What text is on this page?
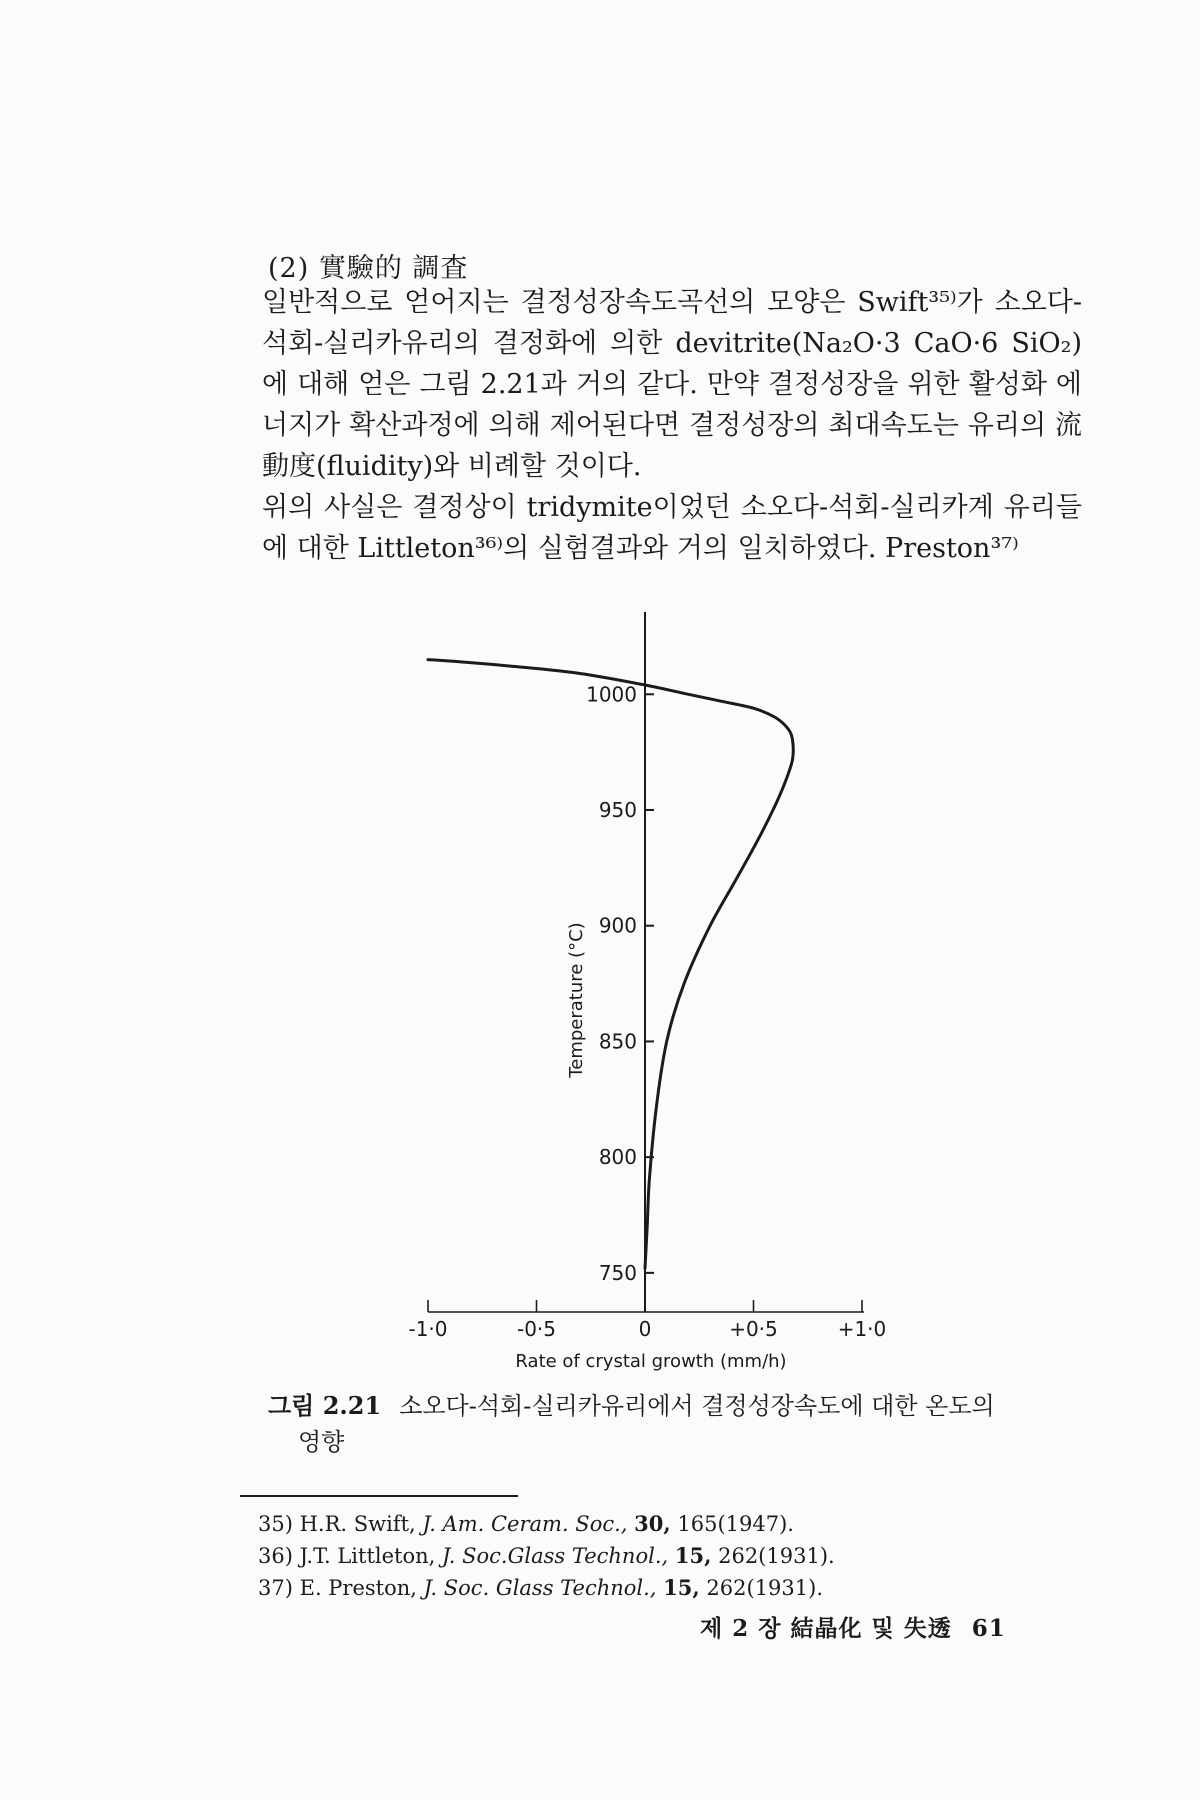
(2) 實驗的 調査

일반적으로 얻어지는 결정성장속도곡선의 모양은 Swift³⁵⁾가 소오다-석회-실리카유리의 결정화에 의한 devitrite(Na₂O·3 CaO·6 SiO₂)에 대해 얻은 그림 2.21과 거의 같다. 만약 결정성장을 위한 활성화 에너지가 확산과정에 의해 제어된다면 결정성장의 최대속도는 유리의 流動度(fluidity)와 비례할 것이다.

위의 사실은 결정상이 tridymite이었던 소오다-석회-실리카계 유리들에 대한 Littleton³⁶⁾의 실험결과와 거의 일치하였다. Preston³⁷⁾

750
800
850
900
950
1000
-1·0	-0·5	0	+0·5	+1·0
Rate of crystal growth (mm/h)
Temperature (°C)
그림 2.21 소오다-석회-실리카유리에서 결정성장속도에 대한 온도의
영향
35) H.R. Swift, J. Am. Ceram. Soc., 30, 165(1947).
36) J.T. Littleton, J. Soc.Glass Technol., 15, 262(1931).
37) E. Preston, J. Soc. Glass Technol., 15, 262(1931).
제 2 장 結晶化 및 失透 61
